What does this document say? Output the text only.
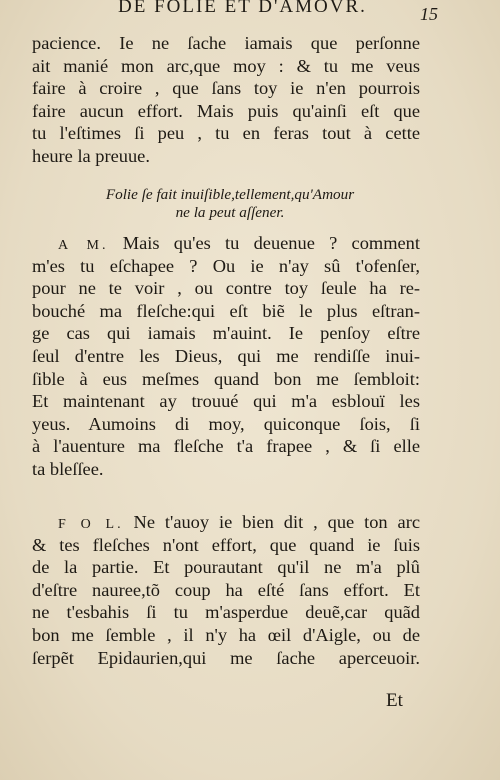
DE FOLIE ET D'AMOVR.	15
pacience. Ie ne ſache iamais que perſonne
ait manié mon arc,que moy : & tu me veus
faire à croire , que ſans toy ie n'en pourrois
faire aucun effort. Mais puis qu'ainſi eſt que
tu l'eſtimes ſi peu , tu en feras tout à cette
heure la preuue.
Folie ſe fait inuiſible,tellement,qu'Amour
ne la peut aſſener.
A M. Mais qu'es tu deuenue ? comment
m'es tu eſchapee ? Ou ie n'ay sû t'ofenſer,
pour ne te voir , ou contre toy ſeule ha re-
bouché ma fleſche:qui eſt biẽ le plus eſtran-
ge cas qui iamais m'auint. Ie penſoy eſtre
ſeul d'entre les Dieus, qui me rendiſſe inui-
ſible à eus meſmes quand bon me ſembloit:
Et maintenant ay trouué qui m'a esblouï les
yeus. Aumoins di moy, quiconque ſois, ſi
à l'auenture ma fleſche t'a frapee , & ſi elle
ta bleſſee.
F O L. Ne t'auoy ie bien dit , que ton arc
& tes fleſches n'ont effort, que quand ie ſuis
de la partie. Et pourautant qu'il ne m'a plû
d'eſtre nauree,tõ coup ha eſté ſans effort. Et
ne t'esbahis ſi tu m'asperdue deuẽ,car quãd
bon me ſemble , il n'y ha œil d'Aigle, ou de
ſerpẽt Epidaurien,qui me ſache aperceuoir.
Et
